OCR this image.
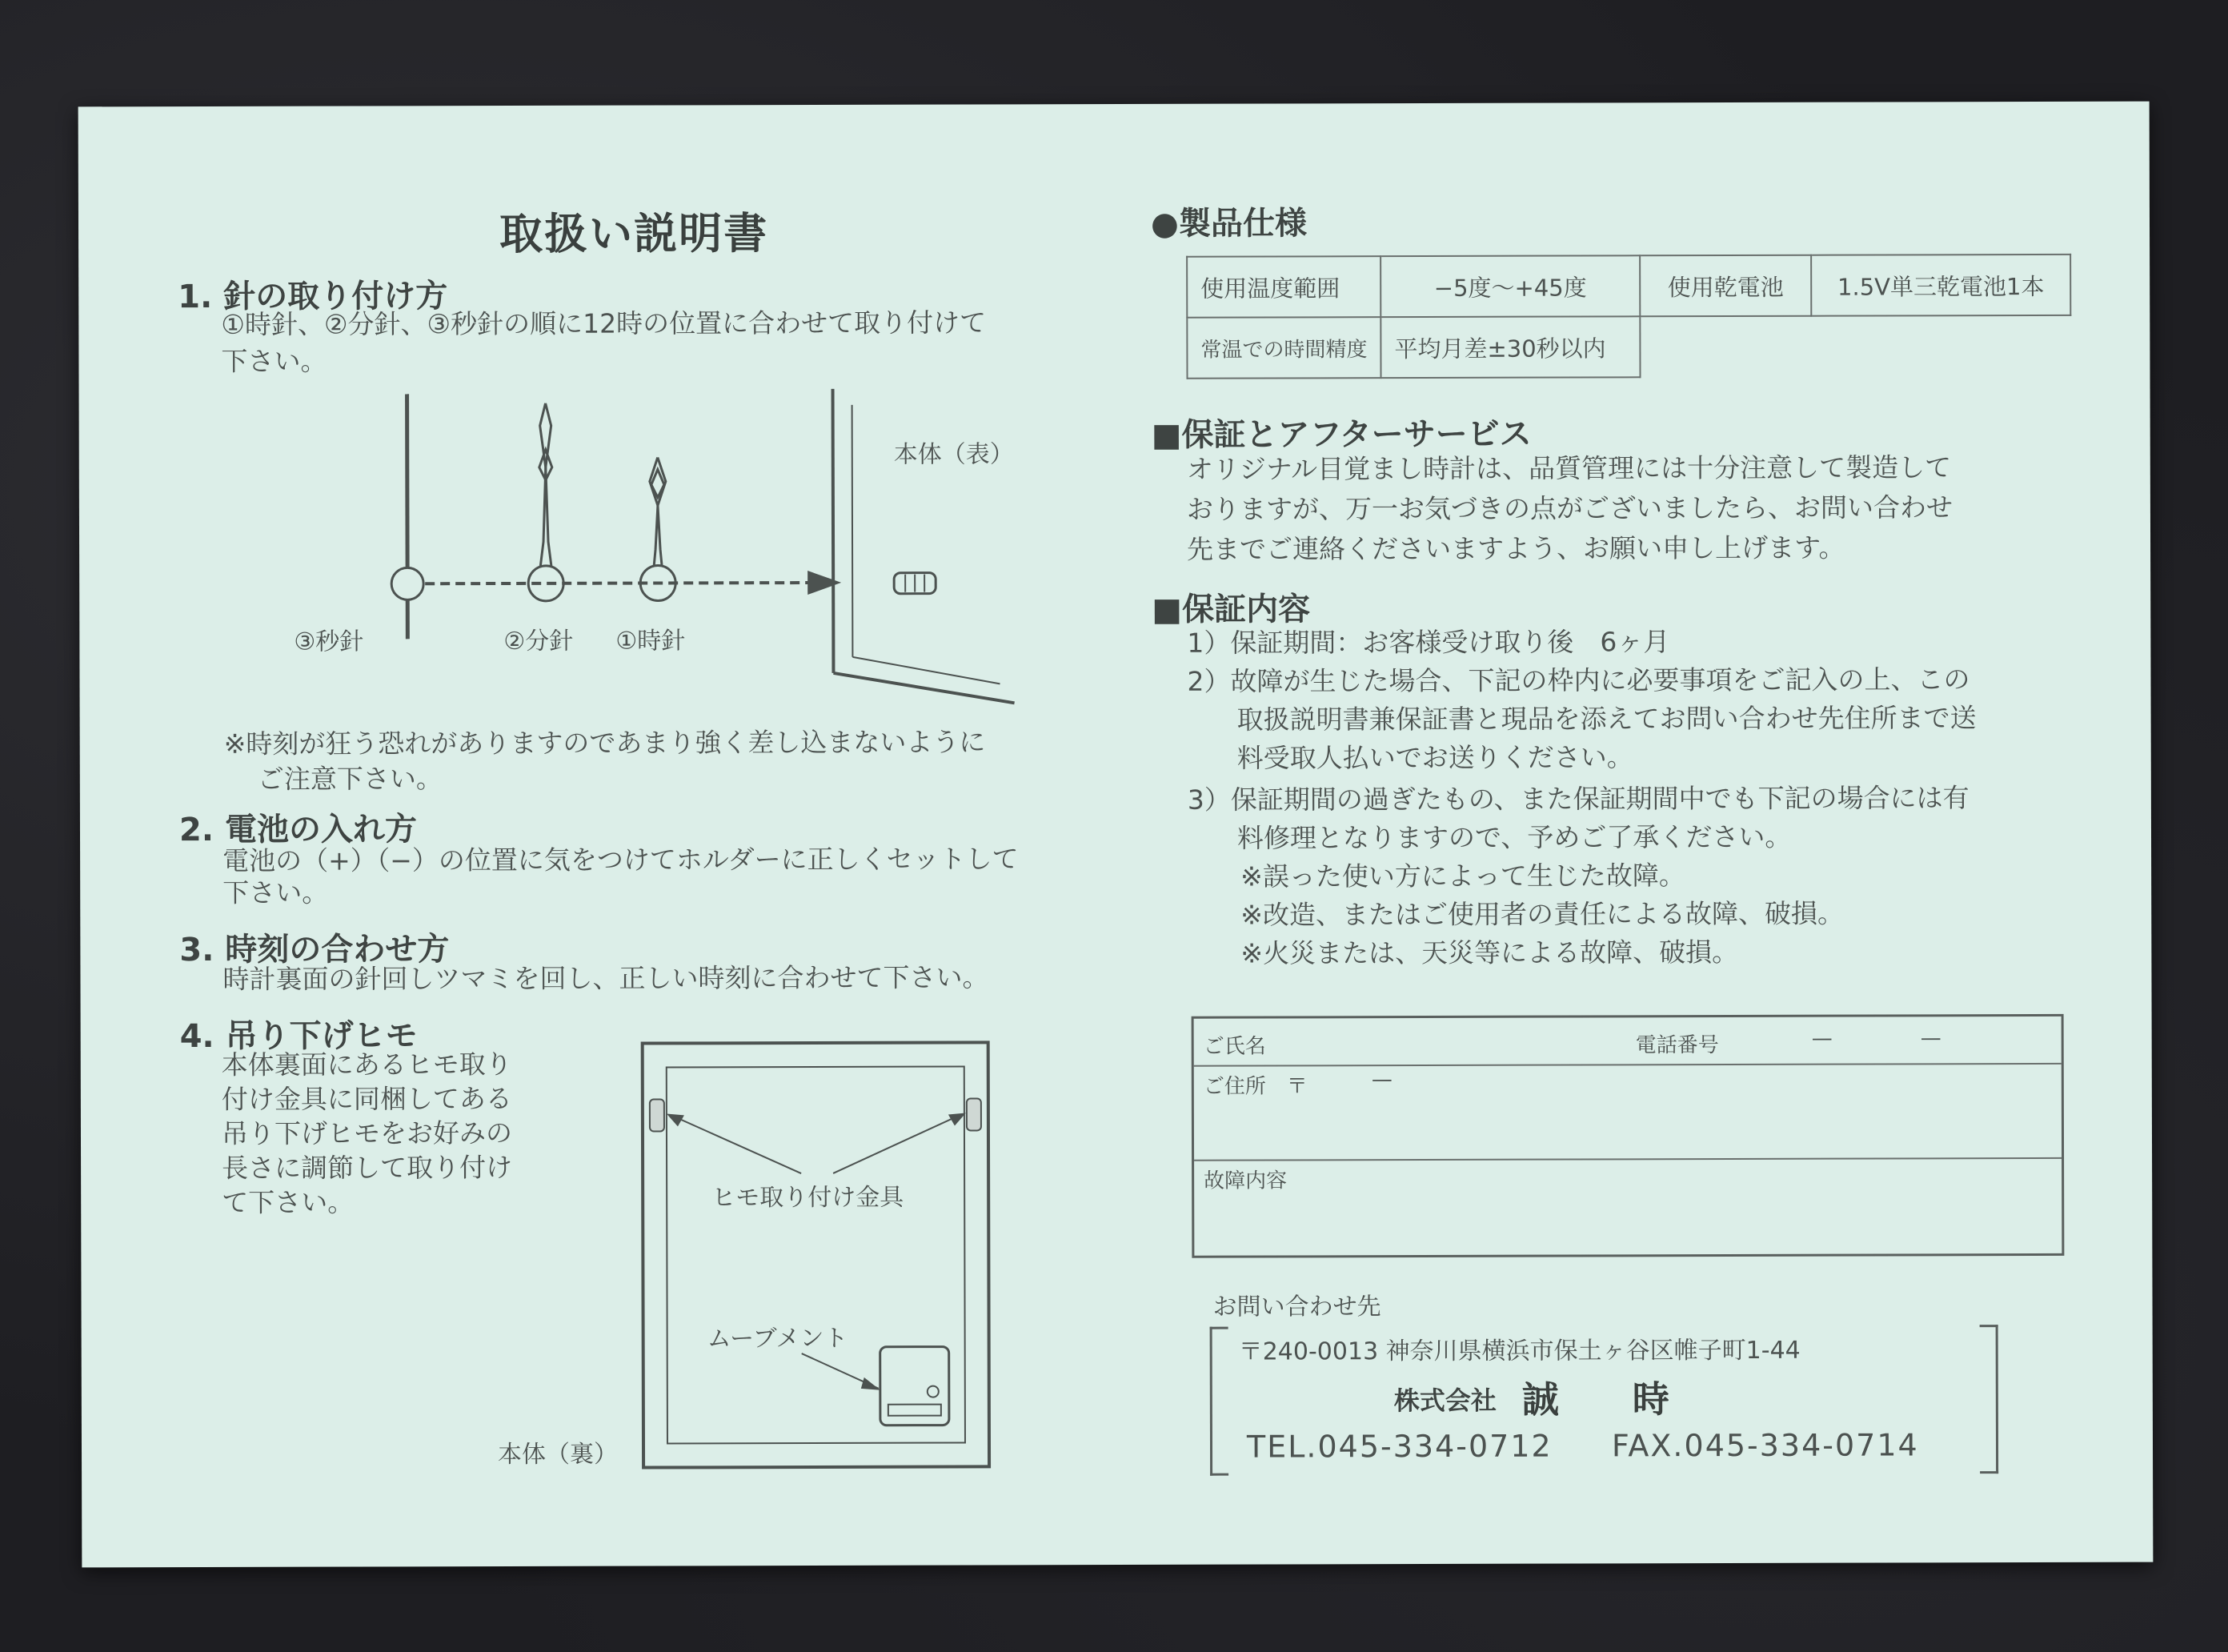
取扱い説明書
1. 針の取り付け方
①時針、②分針、③秒針の順に12時の位置に合わせて取り付けて
下さい。
本体（表）
③秒針	②分針 ①時針
※時刻が狂う恐れがありますのであまり強く差し込まないように
ご注意下さい。
2. 電池の入れ方
電池の（+）（−）の位置に気をつけてホルダーに正しくセットして
下さい。
3. 時刻の合わせ方
時計裏面の針回しツマミを回し、正しい時刻に合わせて下さい。
4. 吊り下げヒモ
本体裏面にあるヒモ取り
付け金具に同梱してある
吊り下げヒモをお好みの
長さに調節して取り付け
て下さい。	ヒモ取り付け金具
ムーブメント
本体（裏）
●製品仕様
使用温度範囲	−5度〜+45度	使用乾電池	1.5V単三乾電池1本
常温での時間精度	平均月差±30秒以内		
■保証とアフターサービス
オリジナル目覚まし時計は、品質管理には十分注意して製造して
おりますが、万一お気づきの点がございましたら、お問い合わせ
先までご連絡くださいますよう、お願い申し上げます。
■保証内容
1）保証期間：お客様受け取り後　6ヶ月
2）故障が生じた場合、下記の枠内に必要事項をご記入の上、この
取扱説明書兼保証書と現品を添えてお問い合わせ先住所まで送
料受取人払いでお送りください。
3）保証期間の過ぎたもの、また保証期間中でも下記の場合には有
料修理となりますので、予めご了承ください。
※誤った使い方によって生じた故障。
※改造、またはご使用者の責任による故障、破損。
※火災または、天災等による故障、破損。
ご氏名	電話番号	—	—
ご住所　〒	—
故障内容
お問い合わせ先
〒240-0013 神奈川県横浜市保土ヶ谷区帷子町1-44
株式会社 誠　　時
TEL.045-334-0712 FAX.045-334-0714
